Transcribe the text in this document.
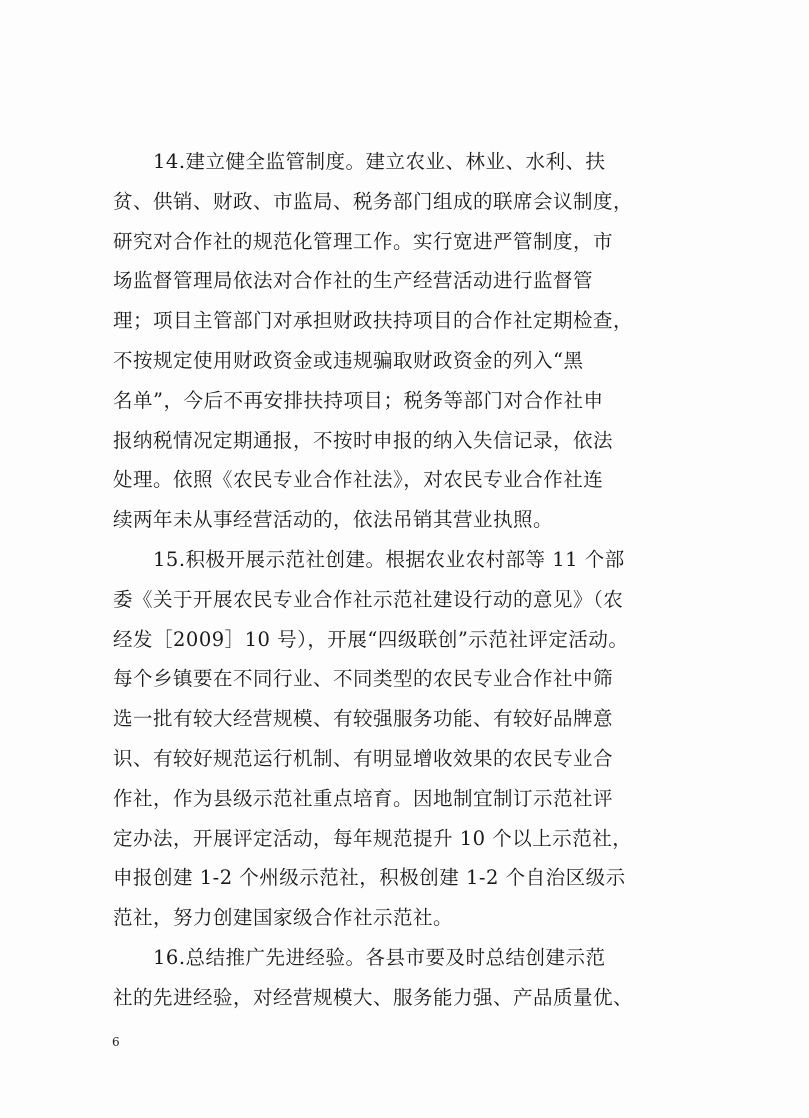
14.建立健全监管制度。建立农业、林业、水利、扶
贫、供销、财政、市监局、税务部门组成的联席会议制度，
研究对合作社的规范化管理工作。实行宽进严管制度，市
场监督管理局依法对合作社的生产经营活动进行监督管
理；项目主管部门对承担财政扶持项目的合作社定期检查，
不按规定使用财政资金或违规骗取财政资金的列入“黑
名单”，今后不再安排扶持项目；税务等部门对合作社申
报纳税情况定期通报，不按时申报的纳入失信记录，依法
处理。依照《农民专业合作社法》，对农民专业合作社连
续两年未从事经营活动的，依法吊销其营业执照。
15.积极开展示范社创建。根据农业农村部等 11 个部
委《关于开展农民专业合作社示范社建设行动的意见》（农
经发［2009］10 号），开展“四级联创”示范社评定活动。
每个乡镇要在不同行业、不同类型的农民专业合作社中筛
选一批有较大经营规模、有较强服务功能、有较好品牌意
识、有较好规范运行机制、有明显增收效果的农民专业合
作社，作为县级示范社重点培育。因地制宜制订示范社评
定办法，开展评定活动，每年规范提升 10 个以上示范社，
申报创建 1-2 个州级示范社，积极创建 1-2 个自治区级示
范社，努力创建国家级合作社示范社。
16.总结推广先进经验。各县市要及时总结创建示范
社的先进经验，对经营规模大、服务能力强、产品质量优、
6
